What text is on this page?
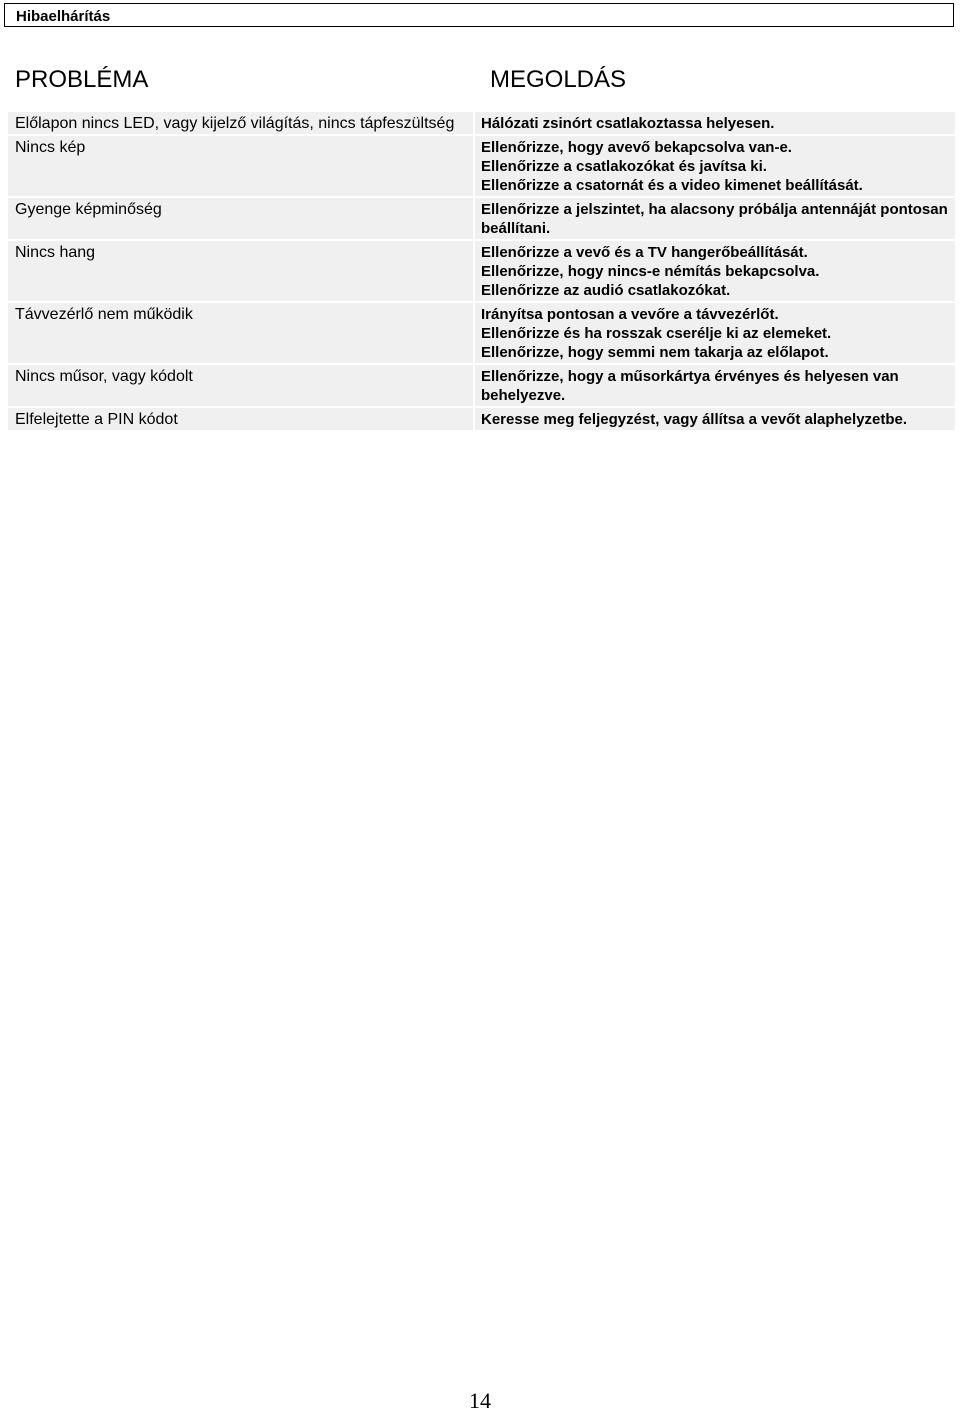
Hibaelhárítás
PROBLÉMA	MEGOLDÁS
Előlapon nincs LED, vagy kijelző világítás, nincs tápfeszültség	Hálózati zsinórt csatlakoztassa helyesen.
Nincs kép	Ellenőrizze, hogy avevő bekapcsolva van-e.
Ellenőrizze a csatlakozókat és javítsa ki.
Ellenőrizze a csatornát és a video kimenet beállítását.
Gyenge képminőség	Ellenőrizze a jelszintet, ha alacsony próbálja antennáját pontosan beállítani.
Nincs hang	Ellenőrizze a vevő és a TV hangerőbeállítását.
Ellenőrizze, hogy nincs-e némítás bekapcsolva.
Ellenőrizze az audió csatlakozókat.
Távvezérlő nem működik	Irányítsa pontosan a vevőre a távvezérlőt.
Ellenőrizze és ha rosszak cserélje ki az elemeket.
Ellenőrizze, hogy semmi nem takarja az előlapot.
Nincs műsor, vagy kódolt	Ellenőrizze, hogy a műsorkártya érvényes és helyesen van behelyezve.
Elfelejtette a PIN kódot	Keresse meg feljegyzést, vagy állítsa a vevőt alaphelyzetbe.
14
